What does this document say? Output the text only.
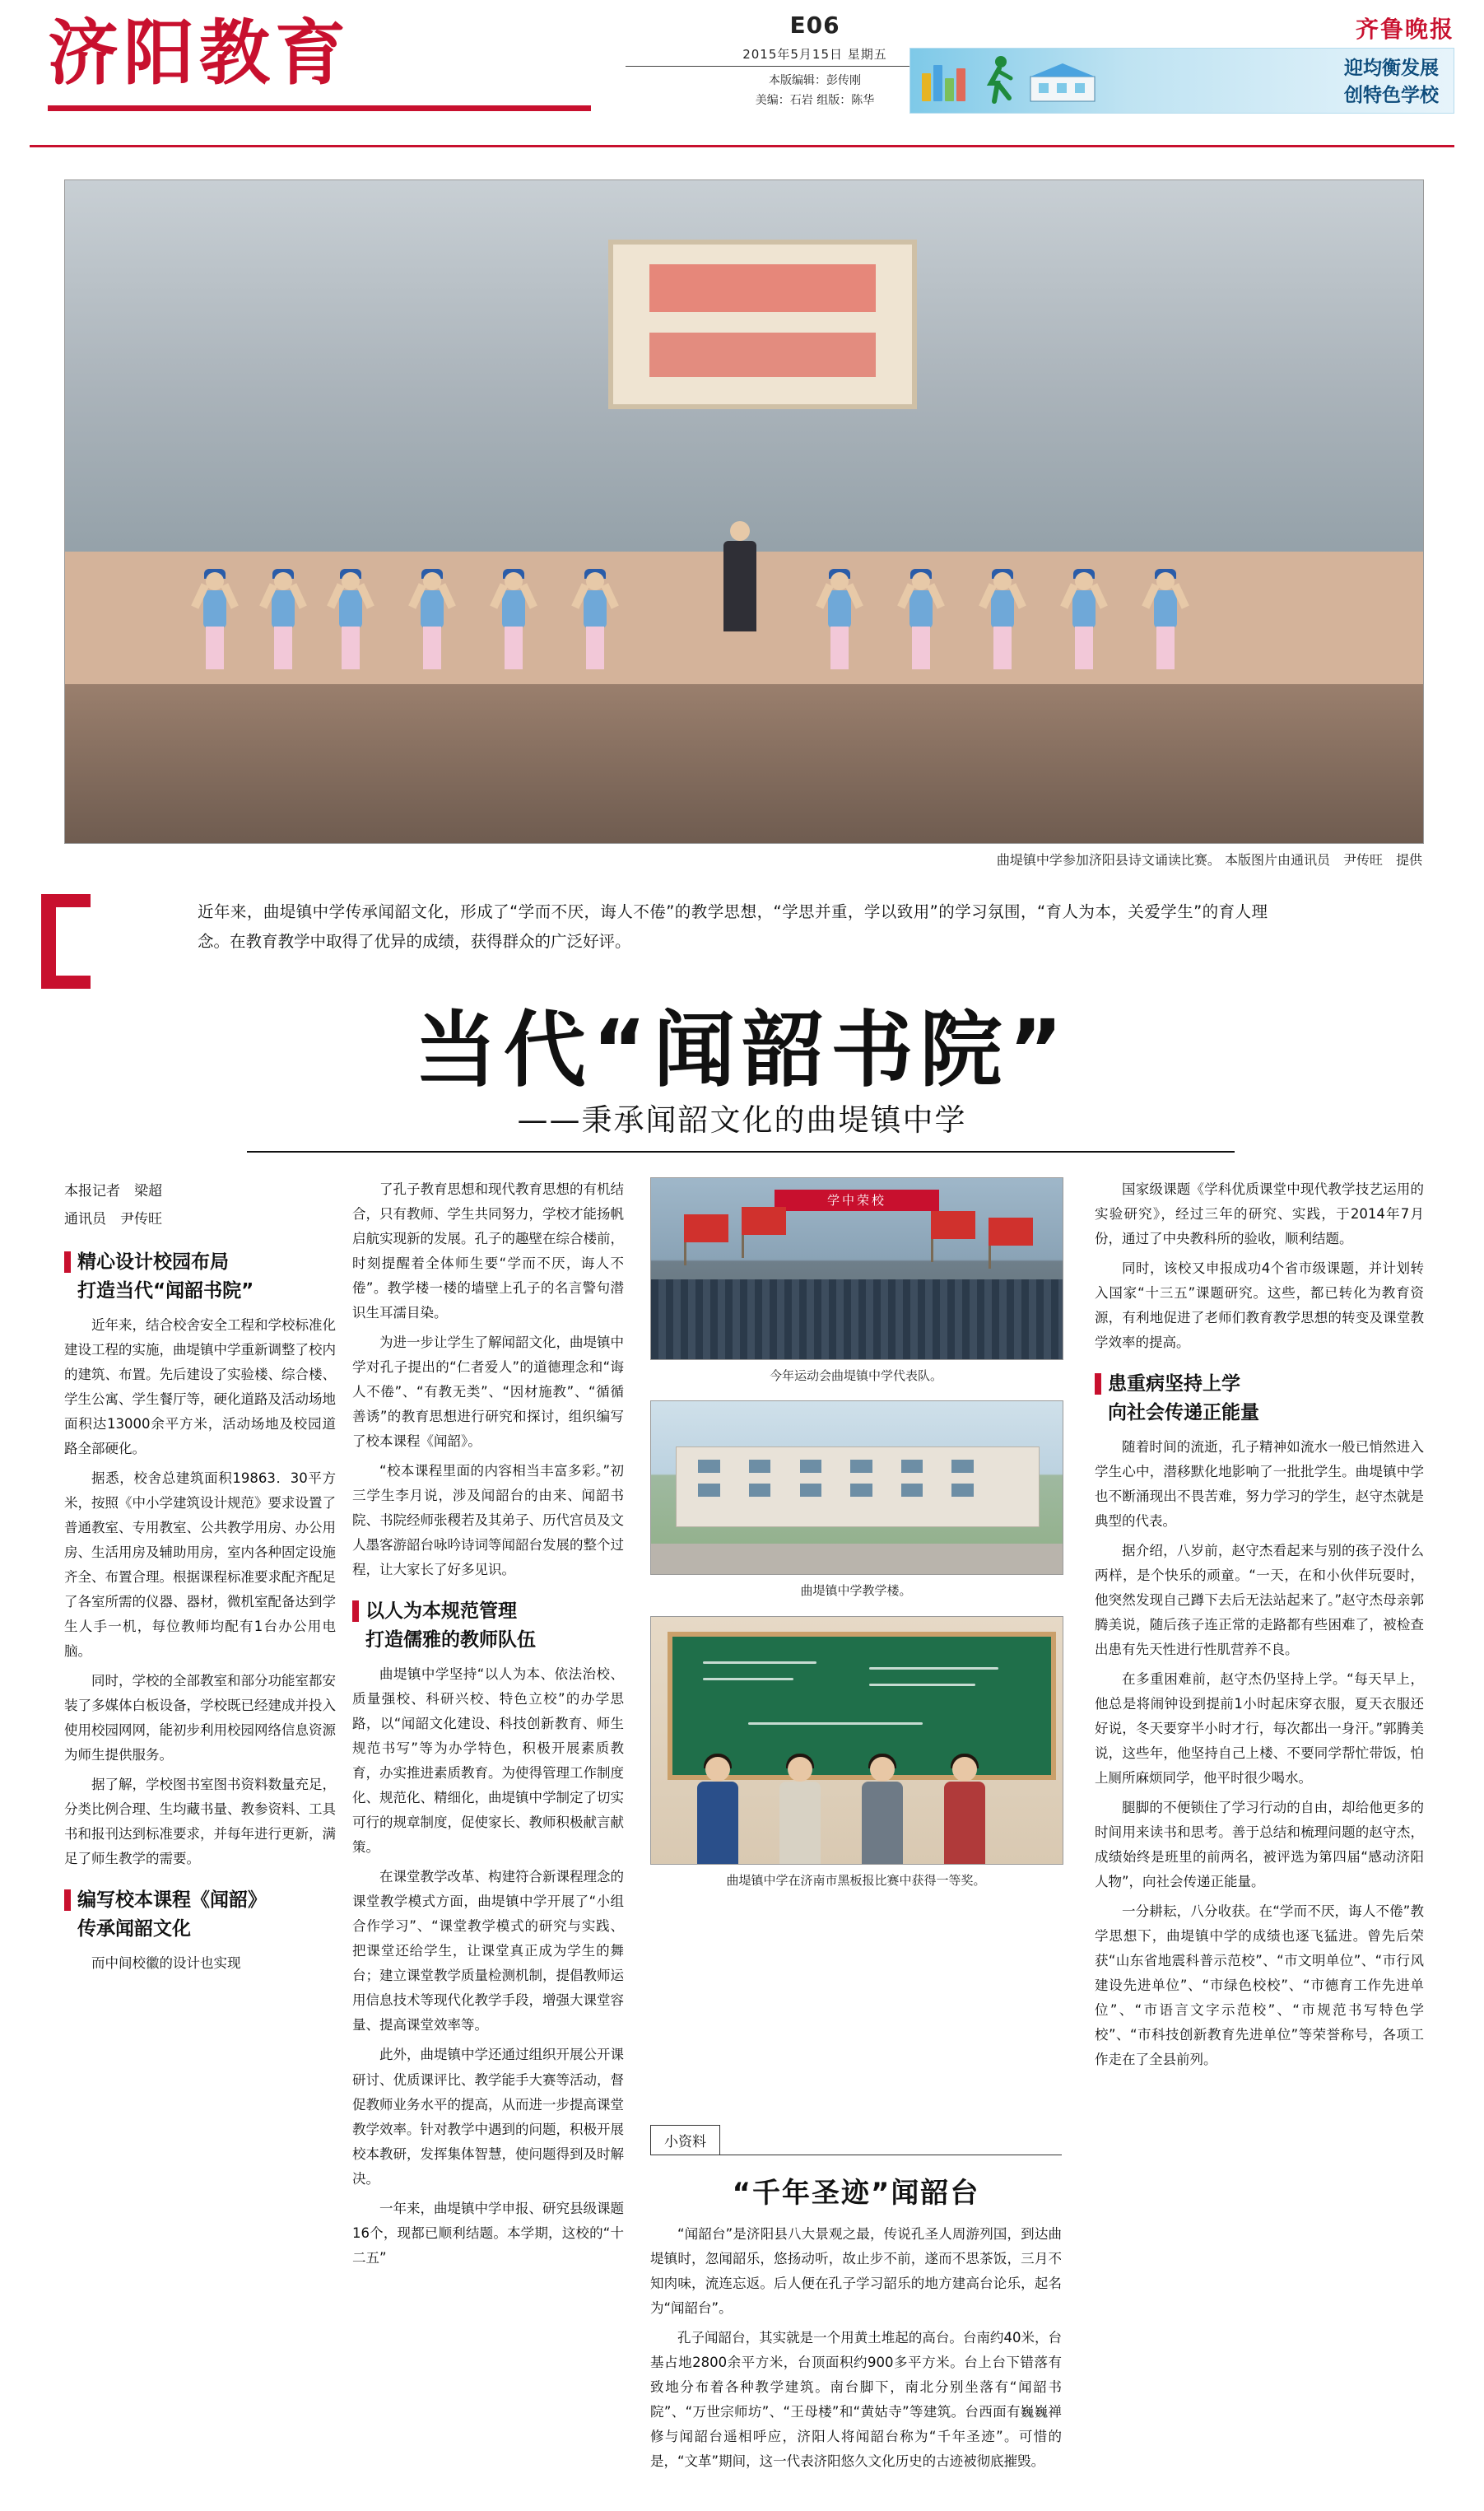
济阳教育	E06
2015年5月15日 星期五
本版编辑：彭传刚
美编：石岩 组版：陈华
齐鲁晚报
迎均衡发展
创特色学校
曲堤镇中学参加济阳县诗文诵读比赛。 本版图片由通讯员　尹传旺　提供
近年来，曲堤镇中学传承闻韶文化，形成了“学而不厌，诲人不倦”的教学思想，“学思并重，学以致用”的学习氛围，“育人为本，关爱学生”的育人理念。在教育教学中取得了优异的成绩，获得群众的广泛好评。
当代“闻韶书院”
——秉承闻韶文化的曲堤镇中学
本报记者　梁超
通讯员　尹传旺
精心设计校园布局
打造当代“闻韶书院”

近年来，结合校舍安全工程和学校标准化建设工程的实施，曲堤镇中学重新调整了校内的建筑、布置。先后建设了实验楼、综合楼、学生公寓、学生餐厅等，硬化道路及活动场地面积达13000余平方米，活动场地及校园道路全部硬化。

据悉，校舍总建筑面积19863．30平方米，按照《中小学建筑设计规范》要求设置了普通教室、专用教室、公共教学用房、办公用房、生活用房及辅助用房，室内各种固定设施齐全、布置合理。根据课程标准要求配齐配足了各室所需的仪器、器材，微机室配备达到学生人手一机，每位教师均配有1台办公用电脑。

同时，学校的全部教室和部分功能室都安装了多媒体白板设备，学校既已经建成并投入使用校园网网，能初步利用校园网络信息资源为师生提供服务。

据了解，学校图书室图书资料数量充足，分类比例合理、生均藏书量、教参资料、工具书和报刊达到标准要求，并每年进行更新，满足了师生教学的需要。

编写校本课程《闻韶》
传承闻韶文化

而中间校徽的设计也实现

了孔子教育思想和现代教育思想的有机结合，只有教师、学生共同努力，学校才能扬帆启航实现新的发展。孔子的趣壁在综合楼前，时刻提醒着全体师生要“学而不厌，诲人不倦”。教学楼一楼的墙壁上孔子的名言警句潜识生耳濡目染。

为进一步让学生了解闻韶文化，曲堤镇中学对孔子提出的“仁者爱人”的道德理念和“诲人不倦”、“有教无类”、“因材施教”、“循循善诱”的教育思想进行研究和探讨，组织编写了校本课程《闻韶》。

“校本课程里面的内容相当丰富多彩。”初三学生李月说，涉及闻韶台的由来、闻韶书院、书院经师张稷若及其弟子、历代宫员及文人墨客游韶台咏吟诗词等闻韶台发展的整个过程，让大家长了好多见识。

以人为本规范管理
打造儒雅的教师队伍

曲堤镇中学坚持“以人为本、依法治校、质量强校、科研兴校、特色立校”的办学思路，以“闻韶文化建设、科技创新教育、师生规范书写”等为办学特色，积极开展素质教育，办实推进素质教育。为使得管理工作制度化、规范化、精细化，曲堤镇中学制定了切实可行的规章制度，促使家长、教师积极献言献策。

在课堂教学改革、构建符合新课程理念的课堂教学模式方面，曲堤镇中学开展了“小组合作学习”、“课堂教学模式的研究与实践、把课堂还给学生，让课堂真正成为学生的舞台；建立课堂教学质量检测机制，提倡教师运用信息技术等现代化教学手段，增强大课堂容量、提高课堂效率等。

此外，曲堤镇中学还通过组织开展公开课研讨、优质课评比、教学能手大赛等活动，督促教师业务水平的提高，从而进一步提高课堂教学效率。针对教学中遇到的问题，积极开展校本教研，发挥集体智慧，使问题得到及时解决。

一年来，曲堤镇中学申报、研究县级课题16个，现都已顺利结题。本学期，这校的“十二五”

学中荣校
今年运动会曲堤镇中学代表队。
曲堤镇中学教学楼。
曲堤镇中学在济南市黑板报比赛中获得一等奖。
小资料
“千年圣迹”闻韶台

“闻韶台”是济阳县八大景观之最，传说孔圣人周游列国，到达曲堤镇时，忽闻韶乐，悠扬动听，故止步不前，遂而不思茶饭，三月不知肉味，流连忘返。后人便在孔子学习韶乐的地方建高台论乐，起名为“闻韶台”。

孔子闻韶台，其实就是一个用黄土堆起的高台。台南约40米，台基占地2800余平方米，台顶面积约900多平方米。台上台下错落有致地分布着各种教学建筑。南台脚下，南北分别坐落有“闻韶书院”、“万世宗师坊”、“王母楼”和“黄姑寺”等建筑。台西面有巍巍禅修与闻韶台遥相呼应，济阳人将闻韶台称为“千年圣迹”。可惜的是，“文革”期间，这一代表济阳悠久文化历史的古迹被彻底摧毁。

国家级课题《学科优质课堂中现代教学技艺运用的实验研究》，经过三年的研究、实践，于2014年7月份，通过了中央教科所的验收，顺利结题。

同时，该校又申报成功4个省市级课题，并计划转入国家“十三五”课题研究。这些，都已转化为教育资源，有利地促进了老师们教育教学思想的转变及课堂教学效率的提高。

患重病坚持上学
向社会传递正能量

随着时间的流逝，孔子精神如流水一般已悄然进入学生心中，潜移默化地影响了一批批学生。曲堤镇中学也不断涌现出不畏苦难，努力学习的学生，赵守杰就是典型的代表。

据介绍，八岁前，赵守杰看起来与别的孩子没什么两样，是个快乐的顽童。“一天，在和小伙伴玩耍时，他突然发现自己蹲下去后无法站起来了。”赵守杰母亲郭腾美说，随后孩子连正常的走路都有些困难了，被检查出患有先天性进行性肌营养不良。

在多重困难前，赵守杰仍坚持上学。“每天早上，他总是将闹钟设到提前1小时起床穿衣服，夏天衣服还好说，冬天要穿半小时才行，每次都出一身汗。”郭腾美说，这些年，他坚持自己上楼、不要同学帮忙带饭，怕上厕所麻烦同学，他平时很少喝水。

腿脚的不便锁住了学习行动的自由，却给他更多的时间用来读书和思考。善于总结和梳理问题的赵守杰，成绩始终是班里的前两名，被评选为第四届“感动济阳人物”，向社会传递正能量。

一分耕耘，八分收获。在“学而不厌，诲人不倦”教学思想下，曲堤镇中学的成绩也逐飞猛进。曾先后荣获“山东省地震科普示范校”、“市文明单位”、“市行风建设先进单位”、“市绿色校校”、“市德育工作先进单位”、“市语言文字示范校”、“市规范书写特色学校”、“市科技创新教育先进单位”等荣誉称号，各项工作走在了全县前列。
